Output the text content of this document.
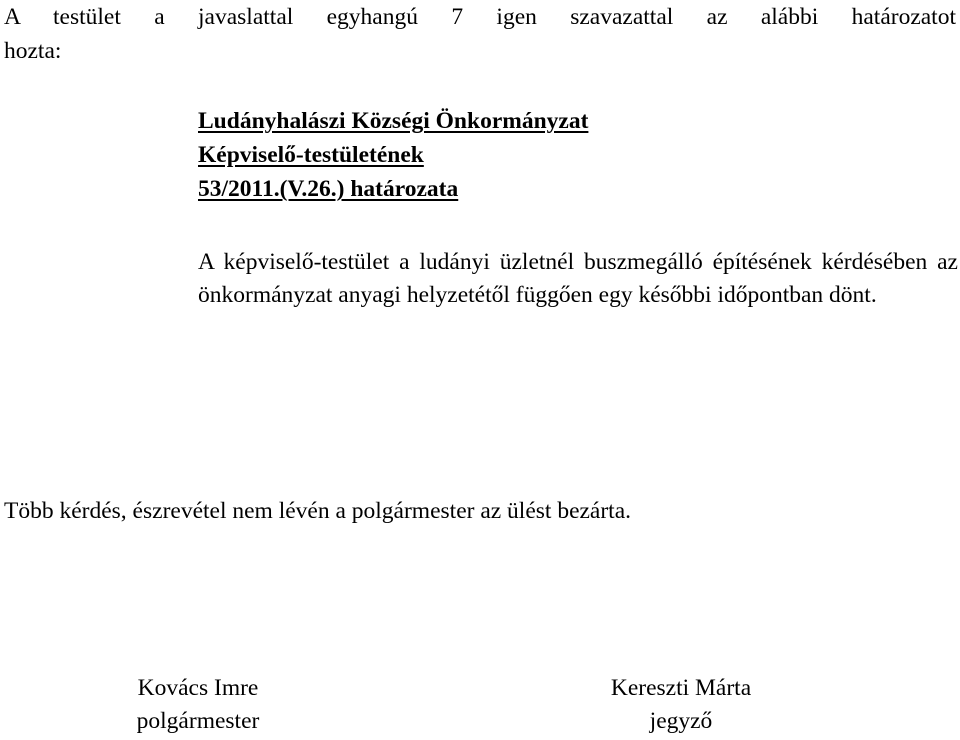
A testület a javaslattal egyhangú 7 igen szavazattal az alábbi határozatot
hozta:

Ludányhalászi Községi Önkormányzat
Képviselő-testületének
53/2011.(V.26.) határozata

A képviselő-testület a ludányi üzletnél buszmegálló építésének kérdésében az önkormányzat anyagi helyzetétől függően egy későbbi időpontban dönt.

Több kérdés, észrevétel nem lévén a polgármester az ülést bezárta.

Kovács Imre
polgármester
Kereszti Márta
jegyző
